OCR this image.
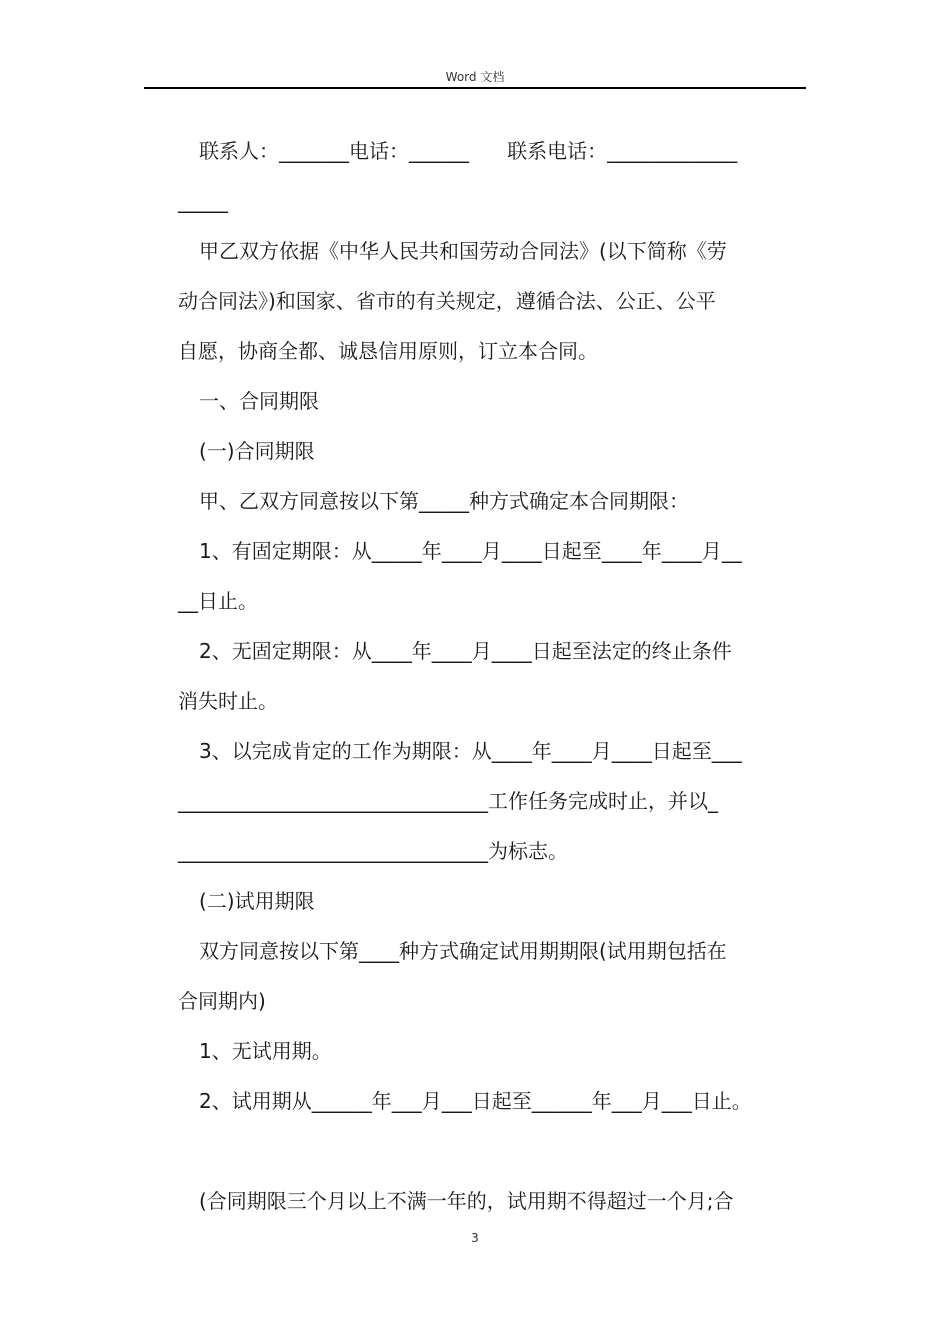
Word 文档
联系人：_______电话：______      联系电话：_____________
_____
甲乙双方依据《中华人民共和国劳动合同法》(以下简称《劳
动合同法》)和国家、省市的有关规定，遵循合法、公正、公平
自愿，协商全都、诚恳信用原则，订立本合同。
一、合同期限
(一)合同期限
甲、乙双方同意按以下第_____种方式确定本合同期限：
1、有固定期限：从_____年____月____日起至____年____月__
__日止。
2、无固定期限：从____年____月____日起至法定的终止条件
消失时止。
3、以完成肯定的工作为期限：从____年____月____日起至___
_______________________________工作任务完成时止，并以_
_______________________________为标志。
(二)试用期限
双方同意按以下第____种方式确定试用期期限(试用期包括在
合同期内)
1、无试用期。
2、试用期从______年___月___日起至______年___月___日止。
(合同期限三个月以上不满一年的，试用期不得超过一个月;合
3
